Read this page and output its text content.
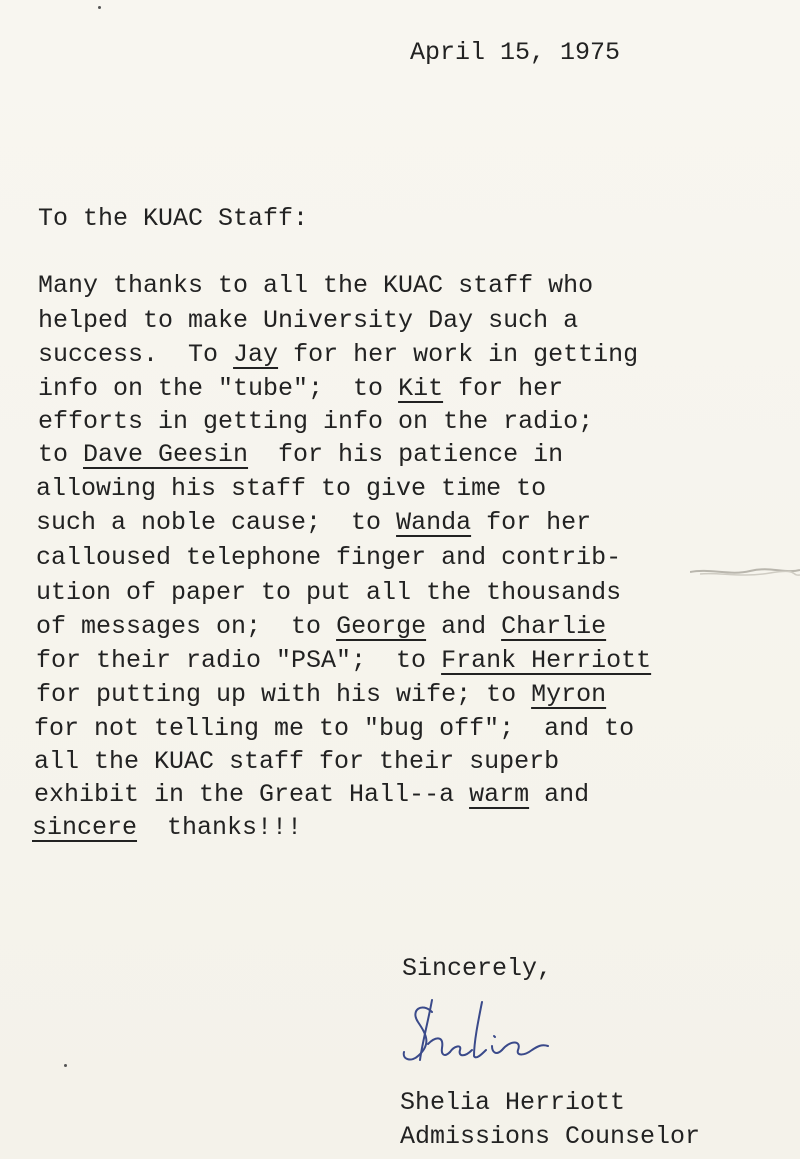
April 15, 1975
To the KUAC Staff:
Many thanks to all the KUAC staff who
helped to make University Day such a
success.  To Jay for her work in getting
info on the "tube";  to Kit for her
efforts in getting info on the radio;
to Dave Geesin  for his patience in
allowing his staff to give time to
such a noble cause;  to Wanda for her
calloused telephone finger and contrib-
ution of paper to put all the thousands
of messages on;  to George and Charlie
for their radio "PSA";  to Frank Herriott
for putting up with his wife; to Myron
for not telling me to "bug off";  and to
all the KUAC staff for their superb
exhibit in the Great Hall--a warm and
sincere  thanks!!!
Sincerely,
Shelia Herriott
Admissions Counselor
